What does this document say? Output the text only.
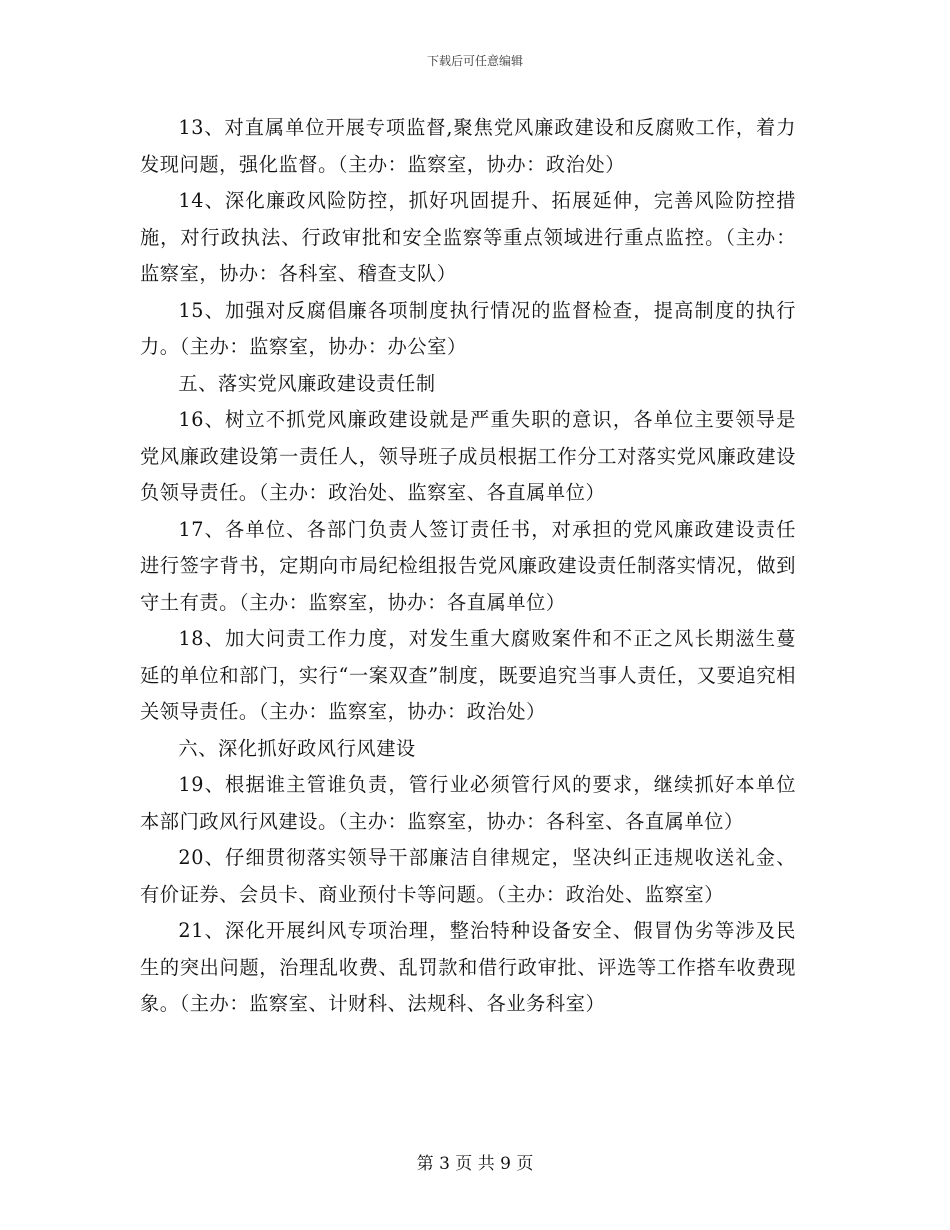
下载后可任意编辑

13、对直属单位开展专项监督,聚焦党风廉政建设和反腐败工作，着力发现问题，强化监督。（主办：监察室，协办：政治处）

14、深化廉政风险防控，抓好巩固提升、拓展延伸，完善风险防控措施，对行政执法、行政审批和安全监察等重点领域进行重点监控。（主办：监察室，协办：各科室、稽查支队）

15、加强对反腐倡廉各项制度执行情况的监督检查，提高制度的执行力。（主办：监察室，协办：办公室）

五、落实党风廉政建设责任制

16、树立不抓党风廉政建设就是严重失职的意识，各单位主要领导是党风廉政建设第一责任人，领导班子成员根据工作分工对落实党风廉政建设负领导责任。（主办：政治处、监察室、各直属单位）

17、各单位、各部门负责人签订责任书，对承担的党风廉政建设责任进行签字背书，定期向市局纪检组报告党风廉政建设责任制落实情况，做到守土有责。（主办：监察室，协办：各直属单位）

18、加大问责工作力度，对发生重大腐败案件和不正之风长期滋生蔓延的单位和部门，实行“一案双查”制度，既要追究当事人责任，又要追究相关领导责任。（主办：监察室，协办：政治处）

六、深化抓好政风行风建设

19、根据谁主管谁负责，管行业必须管行风的要求，继续抓好本单位本部门政风行风建设。（主办：监察室，协办：各科室、各直属单位）

20、仔细贯彻落实领导干部廉洁自律规定，坚决纠正违规收送礼金、有价证券、会员卡、商业预付卡等问题。（主办：政治处、监察室）

21、深化开展纠风专项治理，整治特种设备安全、假冒伪劣等涉及民生的突出问题，治理乱收费、乱罚款和借行政审批、评选等工作搭车收费现象。（主办：监察室、计财科、法规科、各业务科室）

第 3 页 共 9 页
